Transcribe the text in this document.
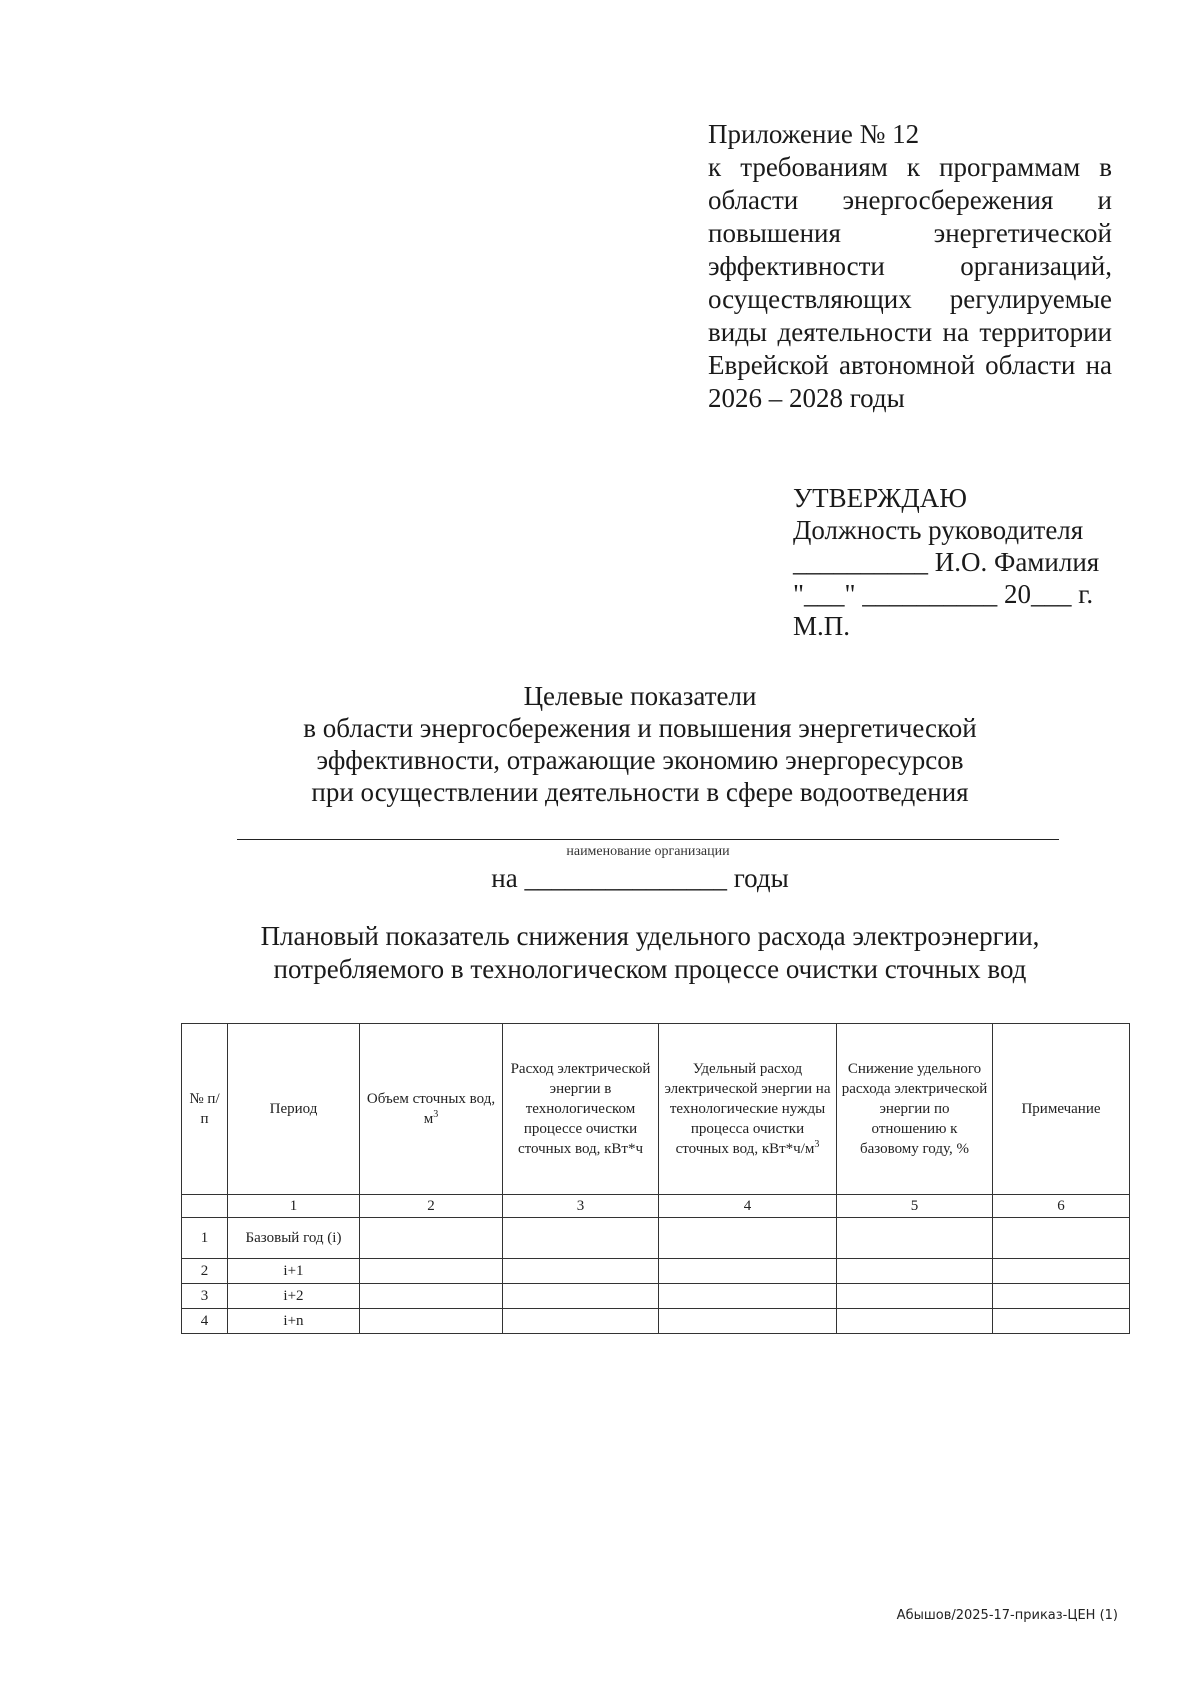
Приложение № 12
к требованиям к программам в области энергосбережения и повышения энергетической эффективности организаций, осуществляющих регулируемые виды деятельности на территории Еврейской автономной области на 2026 – 2028 годы
УТВЕРЖДАЮ
Должность руководителя
__________ И.О. Фамилия
"___" __________ 20___ г.
М.П.
Целевые показатели
в области энергосбережения и повышения энергетической
эффективности, отражающие экономию энергоресурсов
при осуществлении деятельности в сфере водоотведения
наименование организации
на _______________ годы
Плановый показатель снижения удельного расхода электроэнергии,
потребляемого в технологическом процессе очистки сточных вод
№ п/п	Период	Объем сточных вод, $м^3$	Расход электрической энергии в технологическом процессе очистки сточных вод, кВт*ч	Удельный расход электрической энергии на технологические нужды процесса очистки сточных вод, $кВт*ч/м^3$	Снижение удельного расхода электрической энергии по отношению к базовому году, %	Примечание
	1	2	3	4	5	6
1	Базовый год (i)					
2	i+1					
3	i+2					
4	i+n					
Абышов/2025-17-приказ-ЦЕН (1)
